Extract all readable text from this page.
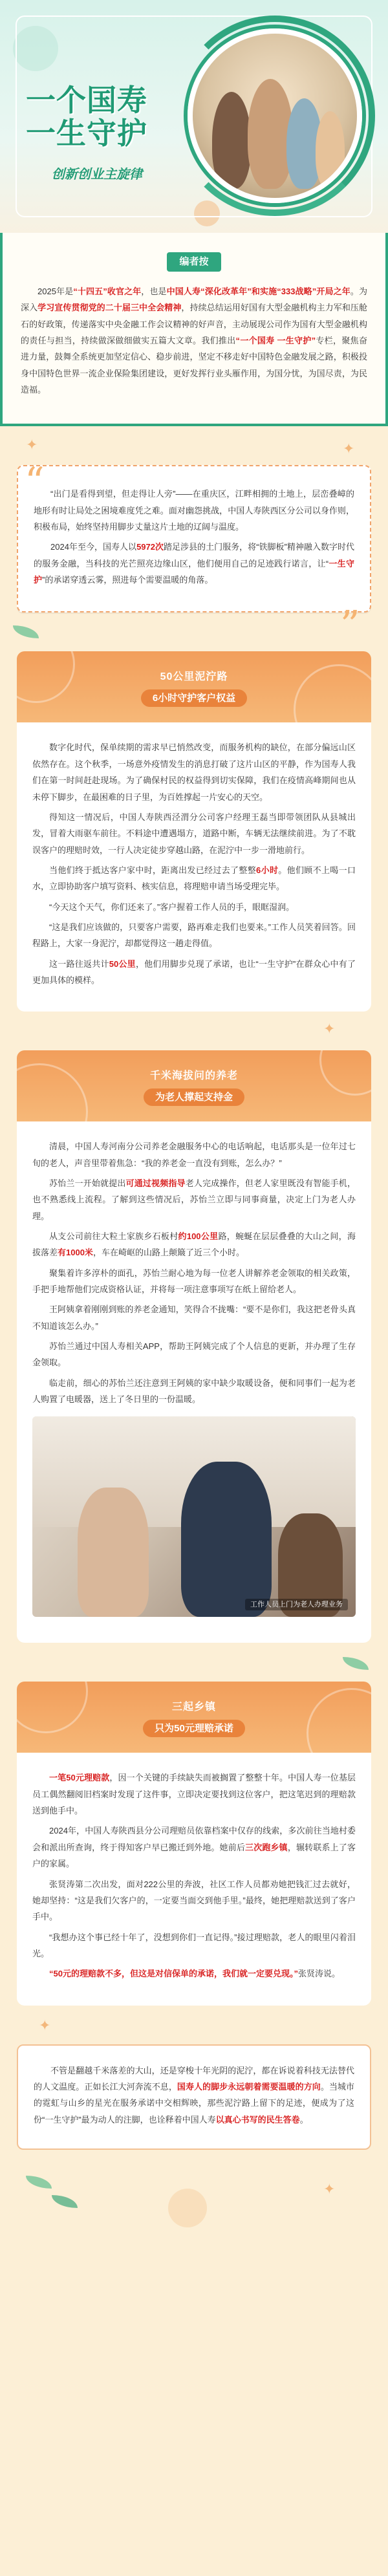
一个国寿
一生守护
创新创业主旋律
编者按

2025年是“十四五”收官之年，也是中国人寿“深化改革年”和实施“333战略”开局之年。为深入学习宣传贯彻党的二十届三中全会精神，持续总结运用好国有大型金融机构主力军和压舱石的好政策，传递落实中央金融工作会议精神的好声音，主动展现公司作为国有大型金融机构的责任与担当，持续做深做细做实五篇大文章。我们推出“一个国寿 一生守护”专栏，聚焦奋进力量，鼓舞全系统更加坚定信心、稳步前进，坚定不移走好中国特色金融发展之路，积极投身中国特色世界一流企业保险集团建设，更好发挥行业头雁作用，为国分忧，为国尽责，为民造福。

✦	✦
“ “出门是看得到望，但走得让人旁”——在重庆区，江畔相拥的土地上，层峦叠嶂的地形有时让局处之困境难度凭之难。面对幽怨挑战，中国人寿陕西区分公司以身作则，积极布局，始终坚持用脚步丈量这片土地的辽阔与温度。

2024年至今，国寿人以5972次踏足涉县的土门服务，将“铁脚板”精神融入数字时代的服务金融，当科技的光芒照亮边缘山区，他们便用自己的足迹践行诺言，让“一生守护”的承诺穿透云雾，照进每个需要温暖的角落。

”
50公里泥泞路
6小时守护客户权益

数字化时代，保单续期的需求早已悄然改变，而服务机构的缺位，在部分偏远山区依然存在。这个秋季，一场意外疫情发生的消息打破了这片山区的平静，作为国寿人我们在第一时间赶赴现场。为了确保村民的权益得到切实保障，我们在疫情高峰期间也从未停下脚步，在最困难的日子里，为百姓撑起一片安心的天空。

得知这一情况后，中国人寿陕西泾渭分公司客户经理王磊当即带领团队从县城出发，冒着大雨驱车前往。不料途中遭遇塌方，道路中断，车辆无法继续前进。为了不耽误客户的理赔时效，一行人决定徒步穿越山路，在泥泞中一步一滑地前行。

当他们终于抵达客户家中时，距离出发已经过去了整整6小时。他们顾不上喝一口水，立即协助客户填写资料、核实信息，将理赔申请当场受理完毕。

“今天这个天气，你们还来了。”客户握着工作人员的手，眼眶湿润。

“这是我们应该做的，只要客户需要，路再难走我们也要来。”工作人员笑着回答。回程路上，大家一身泥泞，却都觉得这一趟走得值。

这一路往返共计50公里，他们用脚步兑现了承诺，也让“一生守护”在群众心中有了更加具体的模样。

✦
千米海拔问的养老
为老人撑起支持金

清晨，中国人寿河南分公司养老金融服务中心的电话响起，电话那头是一位年过七旬的老人，声音里带着焦急：“我的养老金一直没有到账，怎么办？”

苏怡兰一开始就提出可通过视频指导老人完成操作，但老人家里既没有智能手机，也不熟悉线上流程。了解到这些情况后，苏怡兰立即与同事商量，决定上门为老人办理。

从支公司前往大粒土家族乡石板村约100公里路，蜿蜒在层层叠叠的大山之间，海拔落差有1000米，车在崎岖的山路上颠簸了近三个小时。

聚集着许多淳朴的面孔，苏怡兰耐心地为每一位老人讲解养老金领取的相关政策，手把手地帮他们完成资格认证，并将每一项注意事项写在纸上留给老人。

王阿姨拿着刚刚到账的养老金通知，笑得合不拢嘴：“要不是你们，我这把老骨头真不知道该怎么办。”

苏怡兰通过中国人寿相关APP，帮助王阿姨完成了个人信息的更新，并办理了生存金领取。

临走前，细心的苏怡兰还注意到王阿姨的家中缺少取暖设备，便和同事们一起为老人购置了电暖器，送上了冬日里的一份温暖。

工作人员上门为老人办理业务
三起乡镇
只为50元理赔承诺

一笔50元理赔款，因一个关键的手续缺失而被搁置了整整十年。中国人寿一位基层员工偶然翻阅旧档案时发现了这件事，立即决定要找到这位客户，把这笔迟到的理赔款送到他手中。

2024年，中国人寿陕西县分公司理赔员依靠档案中仅存的线索，多次前往当地村委会和派出所查询，终于得知客户早已搬迁到外地。她前后三次跑乡镇，辗转联系上了客户的家属。

张贤涛第二次出发，面对222公里的奔波，社区工作人员都劝她把钱汇过去就好，她却坚持：“这是我们欠客户的，一定要当面交到他手里。”最终，她把理赔款送到了客户手中。

“我想办这个事已经十年了，没想到你们一直记得。”接过理赔款，老人的眼里闪着泪光。

“50元的理赔款不多，但这是对信保单的承诺，我们就一定要兑现。”张贤涛说。

✦

不管是翻越千米落差的大山，还是穿梭十年光阴的泥泞，都在诉说着科技无法替代的人文温度。正如长江大河奔流不息，国寿人的脚步永远朝着需要温暖的方向。当城市的霓虹与山乡的星光在服务承诺中交相辉映，那些泥泞路上留下的足迹，便成为了这份“一生守护”最为动人的注脚，也诠释着中国人寿以真心书写的民生答卷。

✦
